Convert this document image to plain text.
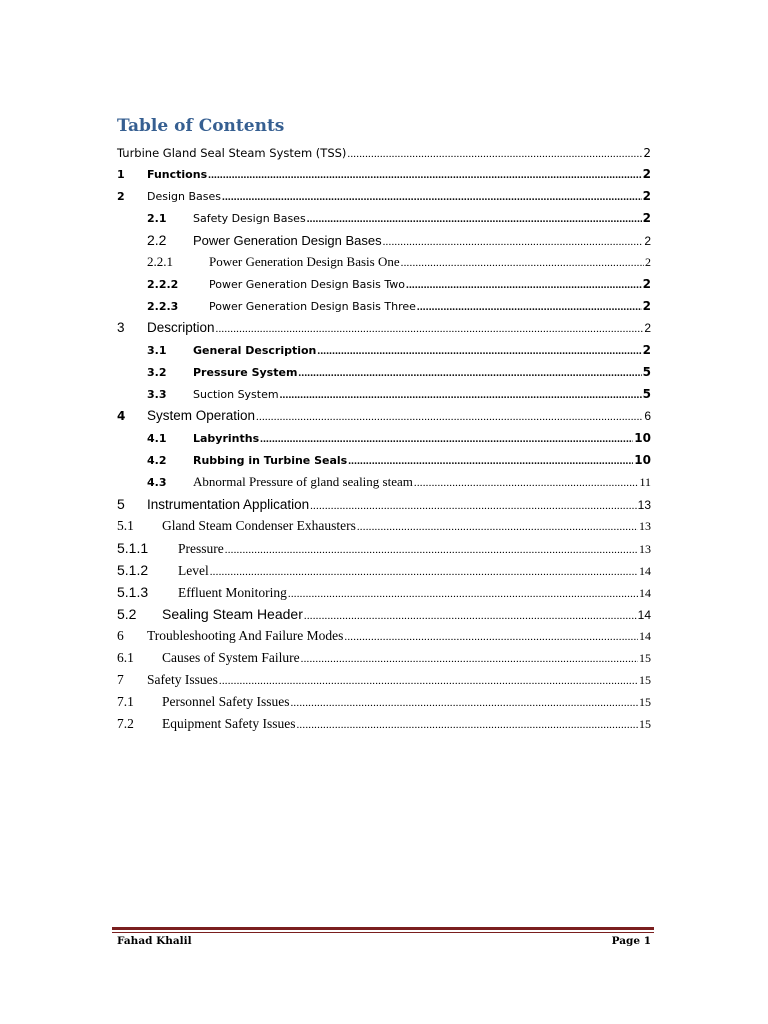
Table of Contents
Turbine Gland Seal Steam System (TSS) .....	2
1	Functions .....	2
2	Design Bases .....	2
2.1	Safety Design Bases .....	2
2.2	Power Generation Design Bases .....	2
2.2.1	Power Generation Design Basis One .....	2
2.2.2	Power Generation Design Basis Two .....	2
2.2.3	Power Generation Design Basis Three .....	2
3 Description .....	2
3.1	General Description .....	2
3.2	Pressure System .....	5
3.3	Suction System .....	5
4	System Operation .....	6
4.1	Labyrinths .....	10
4.2	Rubbing in Turbine Seals .....	10
4.3	Abnormal Pressure of gland sealing steam .....	11
5	Instrumentation Application .....	13
5.1	Gland Steam Condenser Exhausters .....	13
5.1.1	Pressure .....	13
5.1.2	Level .....	14
5.1.3	Effluent Monitoring .....	14
5.2	Sealing Steam Header .....	14
6	Troubleshooting And Failure Modes .....	14
6.1	Causes of System Failure .....	15
7	Safety Issues .....	15
7.1	Personnel Safety Issues .....	15
7.2	Equipment Safety Issues .....	15
Fahad Khalil	Page 1
